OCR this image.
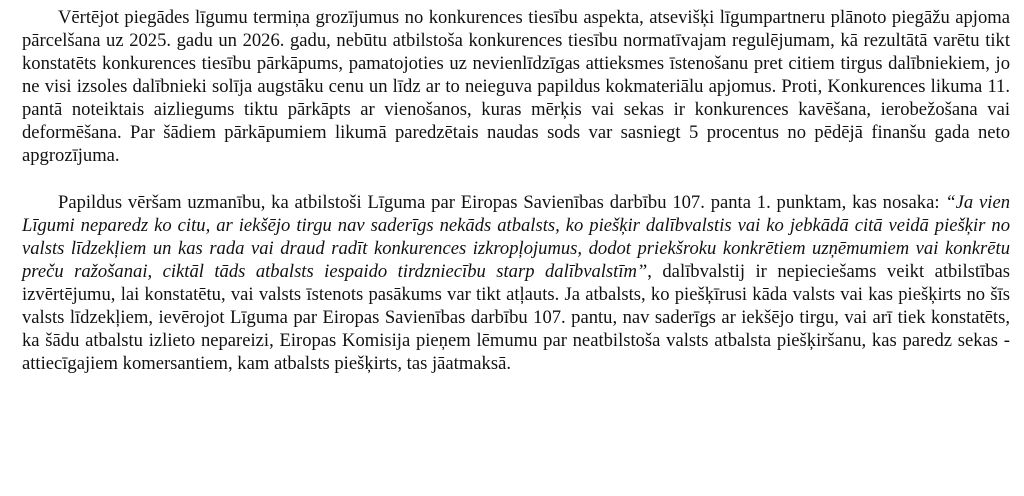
Vērtējot piegādes līgumu termiņa grozījumus no konkurences tiesību aspekta, atsevišķi līgumpartneru plānoto piegāžu apjoma pārcelšana uz 2025. gadu un 2026. gadu, nebūtu atbilstoša konkurences tiesību normatīvajam regulējumam, kā rezultātā varētu tikt konstatēts konkurences tiesību pārkāpums, pamatojoties uz nevienlīdzīgas attieksmes īstenošanu pret citiem tirgus dalībniekiem, jo ne visi izsoles dalībnieki solīja augstāku cenu un līdz ar to neieguva papildus kokmateriālu apjomus. Proti, Konkurences likuma 11. pantā noteiktais aizliegums tiktu pārkāpts ar vienošanos, kuras mērķis vai sekas ir konkurences kavēšana, ierobežošana vai deformēšana. Par šādiem pārkāpumiem likumā paredzētais naudas sods var sasniegt 5 procentus no pēdējā finanšu gada neto apgrozījuma.

Papildus vēršam uzmanību, ka atbilstoši Līguma par Eiropas Savienības darbību 107. panta 1. punktam, kas nosaka: “Ja vien Līgumi neparedz ko citu, ar iekšējo tirgu nav saderīgs nekāds atbalsts, ko piešķir dalībvalstis vai ko jebkādā citā veidā piešķir no valsts līdzekļiem un kas rada vai draud radīt konkurences izkropļojumus, dodot priekšroku konkrētiem uzņēmumiem vai konkrētu preču ražošanai, ciktāl tāds atbalsts iespaido tirdzniecību starp dalībvalstīm”, dalībvalstij ir nepieciešams veikt atbilstības izvērtējumu, lai konstatētu, vai valsts īstenots pasākums var tikt atļauts. Ja atbalsts, ko piešķīrusi kāda valsts vai kas piešķirts no šīs valsts līdzekļiem, ievērojot Līguma par Eiropas Savienības darbību 107. pantu, nav saderīgs ar iekšējo tirgu, vai arī tiek konstatēts, ka šādu atbalstu izlieto nepareizi, Eiropas Komisija pieņem lēmumu par neatbilstoša valsts atbalsta piešķiršanu, kas paredz sekas - attiecīgajiem komersantiem, kam atbalsts piešķirts, tas jāatmaksā.
